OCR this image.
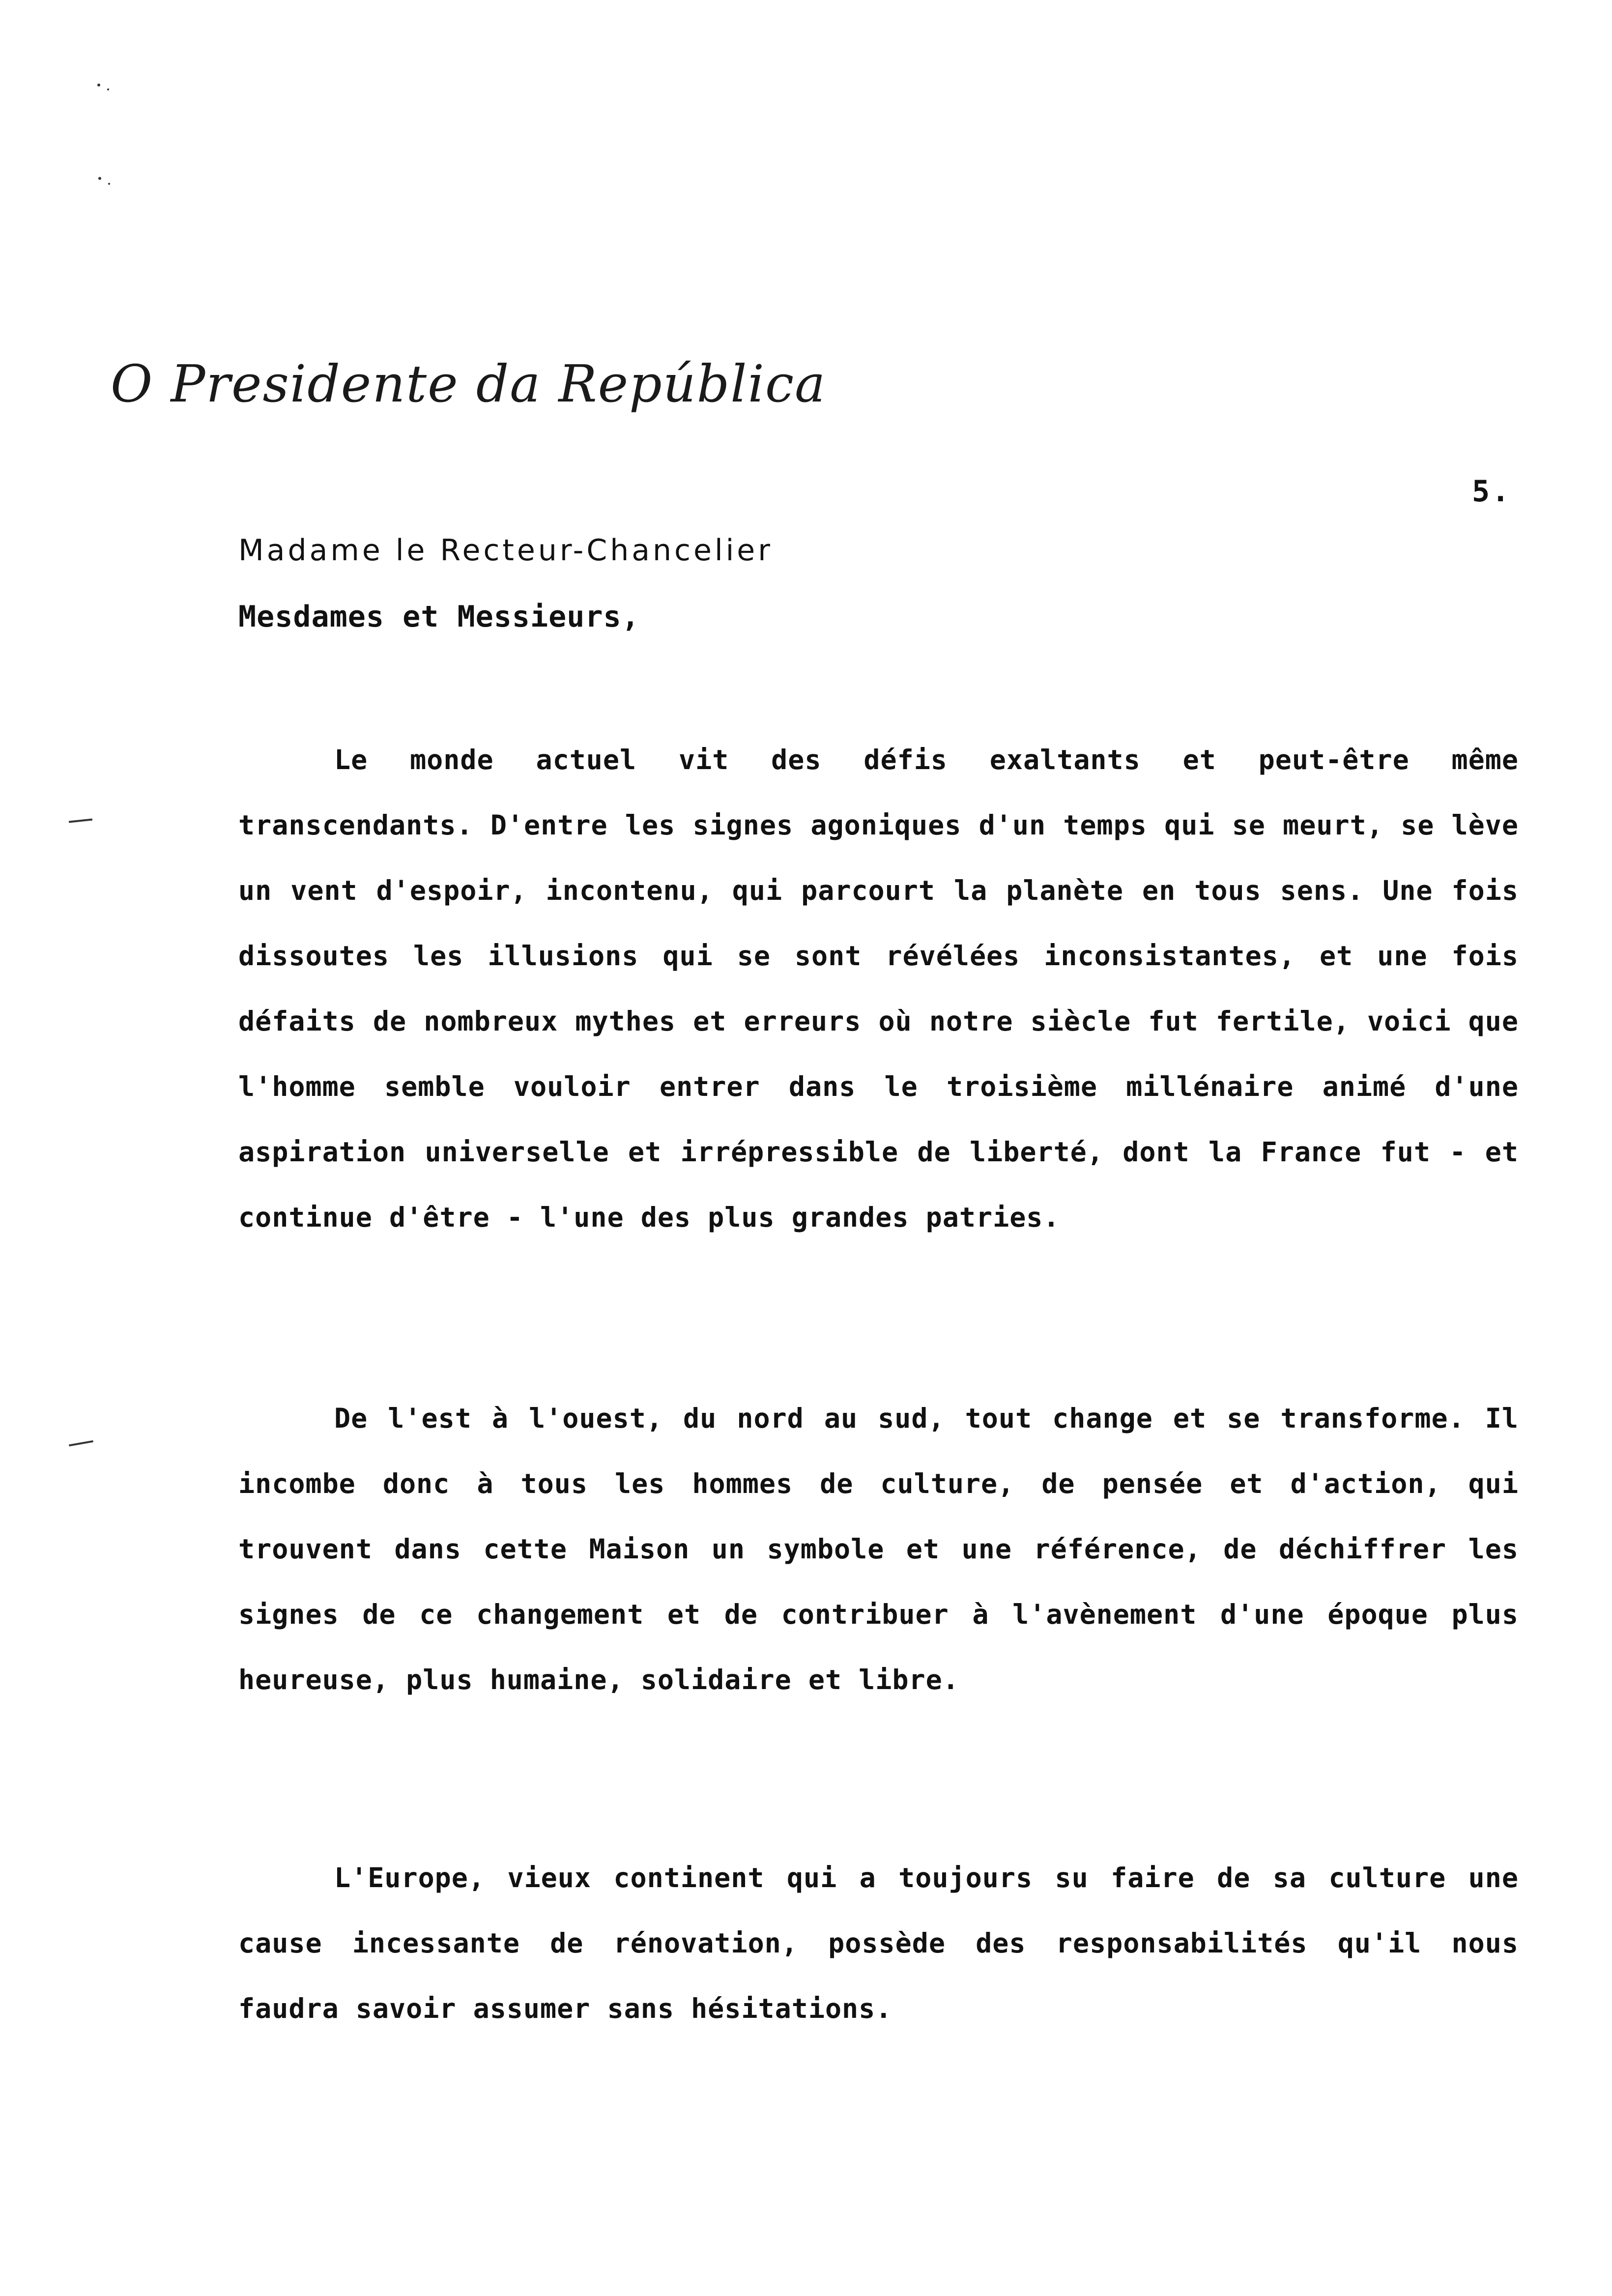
O Presidente da República
5.
Madame le Recteur-Chancelier
Mesdames et Messieurs,

Le monde actuel vit des défis exaltants et peut-être même transcendants. D'entre les signes agoniques d'un temps qui se meurt, se lève un vent d'espoir, incontenu, qui parcourt la planète en tous sens. Une fois dissoutes les illusions qui se sont révélées inconsistantes, et une fois défaits de nombreux mythes et erreurs où notre siècle fut fertile, voici que l'homme semble vouloir entrer dans le troisième millénaire animé d'une aspiration universelle et irrépressible de liberté, dont la France fut - et continue d'être - l'une des plus grandes patries.

De l'est à l'ouest, du nord au sud, tout change et se transforme. Il incombe donc à tous les hommes de culture, de pensée et d'action, qui trouvent dans cette Maison un symbole et une référence, de déchiffrer les signes de ce changement et de contribuer à l'avènement d'une époque plus heureuse, plus humaine, solidaire et libre.

L'Europe, vieux continent qui a toujours su faire de sa culture une cause incessante de rénovation, possède des responsabilités qu'il nous faudra savoir assumer sans hésitations.
